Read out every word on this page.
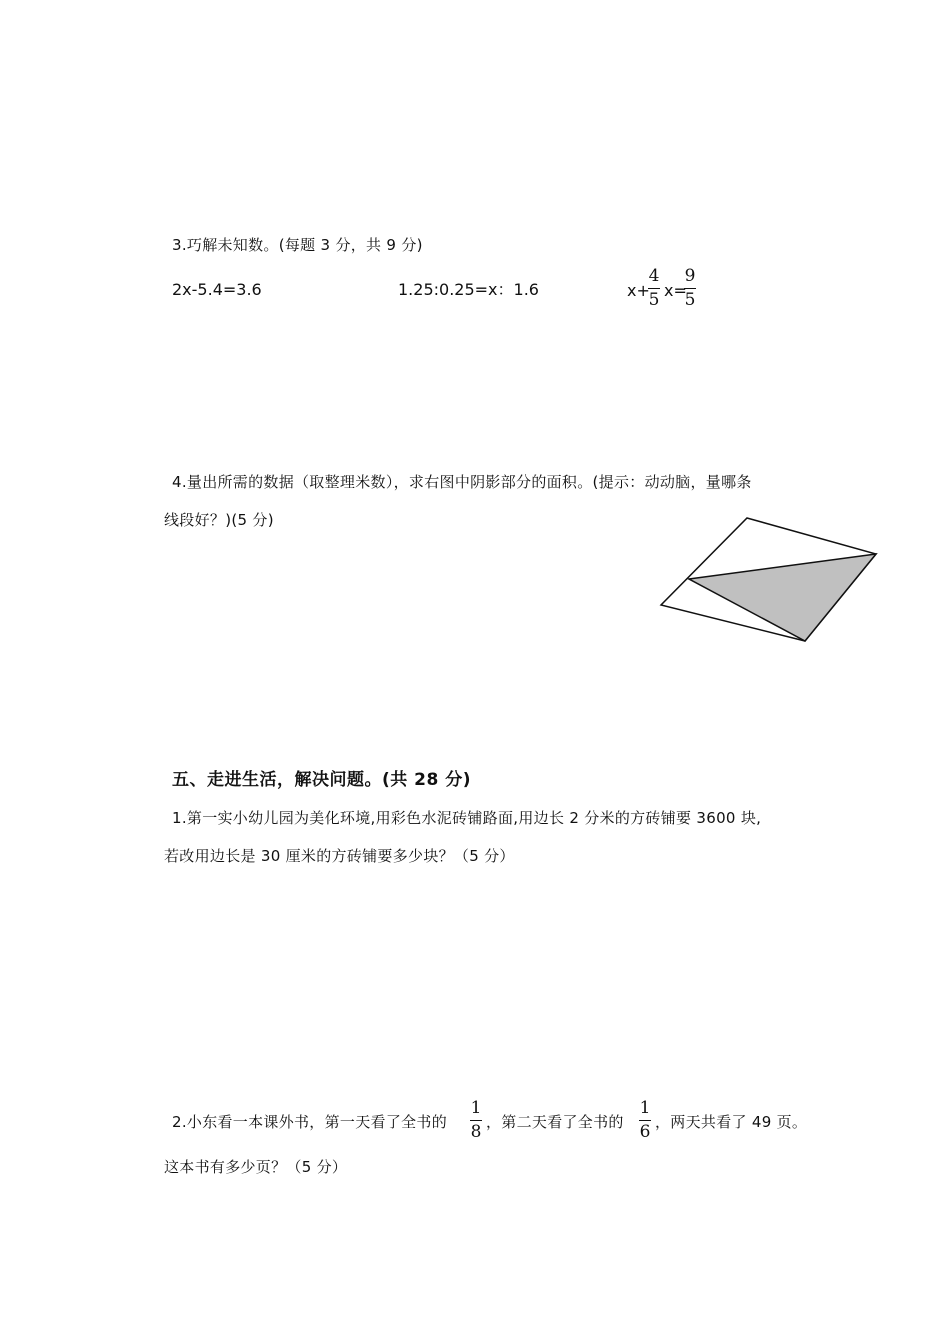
3.巧解未知数。(每题 3 分，共 9 分)
2x-5.4=3.6	1.25:0.25=x：1.6	x+
4
5 x=
9
5
4.量出所需的数据（取整理米数），求右图中阴影部分的面积。(提示：动动脑，量哪条
线段好？)(5 分)
五、走进生活，解决问题。(共 28 分)
1.第一实小幼儿园为美化环境,用彩色水泥砖铺路面,用边长 2 分米的方砖铺要 3600 块,
若改用边长是 30 厘米的方砖铺要多少块？（5 分）
2.小东看一本课外书，第一天看了全书的
1
8 ，第二天看了全书的
1
6 ，两天共看了 49 页。
这本书有多少页？（5 分）
